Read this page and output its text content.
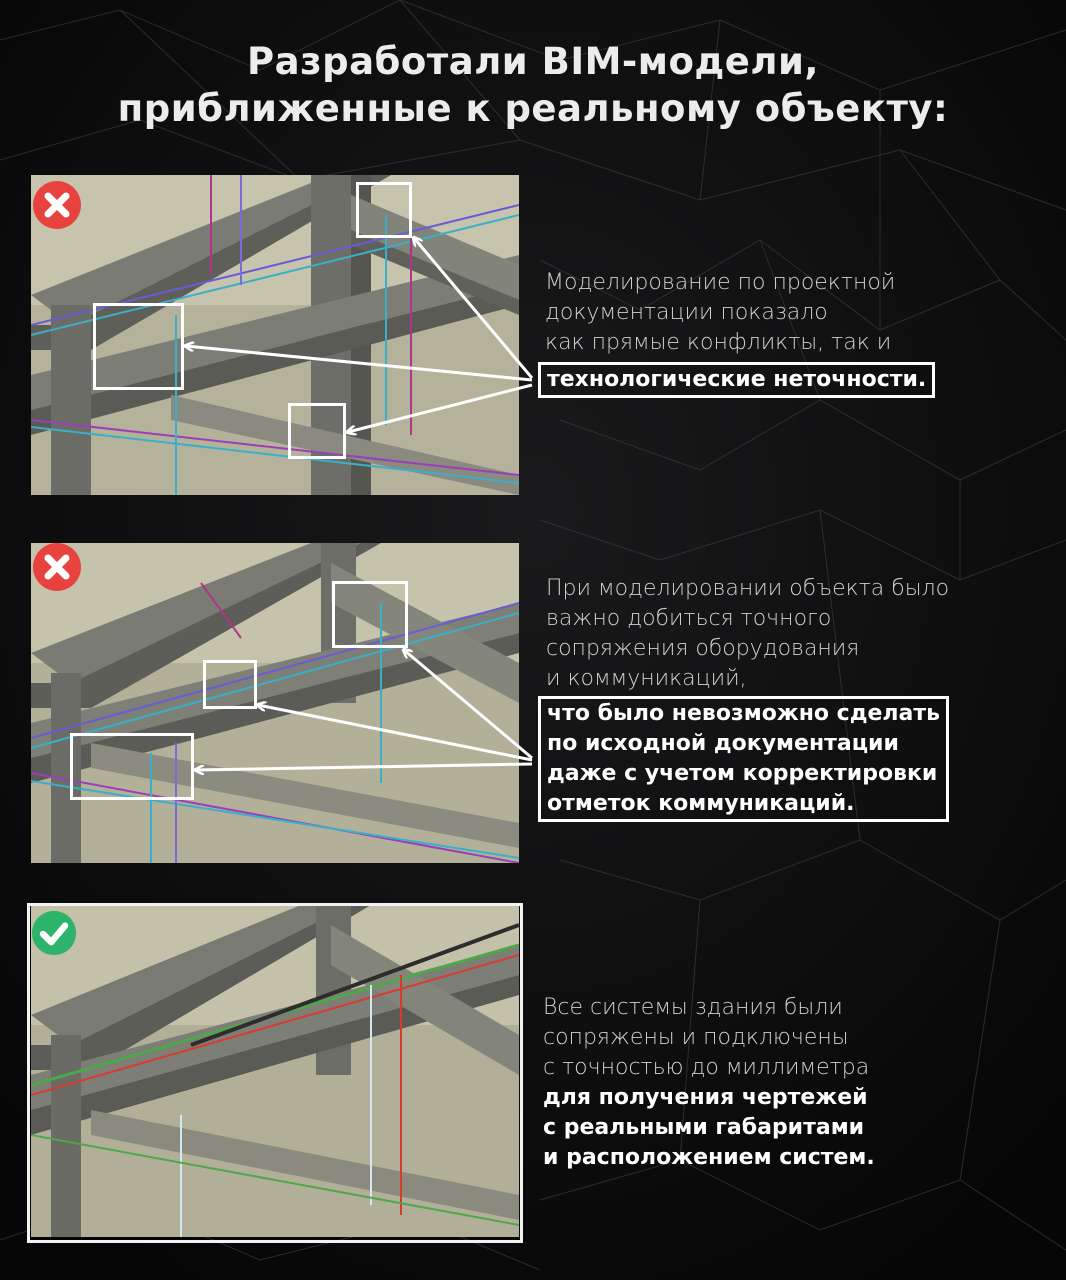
Разработали BIM-модели,
приближенные к реальному объекту:
Моделирование по проектной
документации показало
как прямые конфликты, так и
технологические неточности.
При моделировании объекта было
важно добиться точного
сопряжения оборудования
и коммуникаций,
что было невозможно сделать
по исходной документации
даже с учетом корректировки
отметок коммуникаций.
Все системы здания были
сопряжены и подключены
с точностью до миллиметра
для получения чертежей
с реальными габаритами
и расположением систем.
